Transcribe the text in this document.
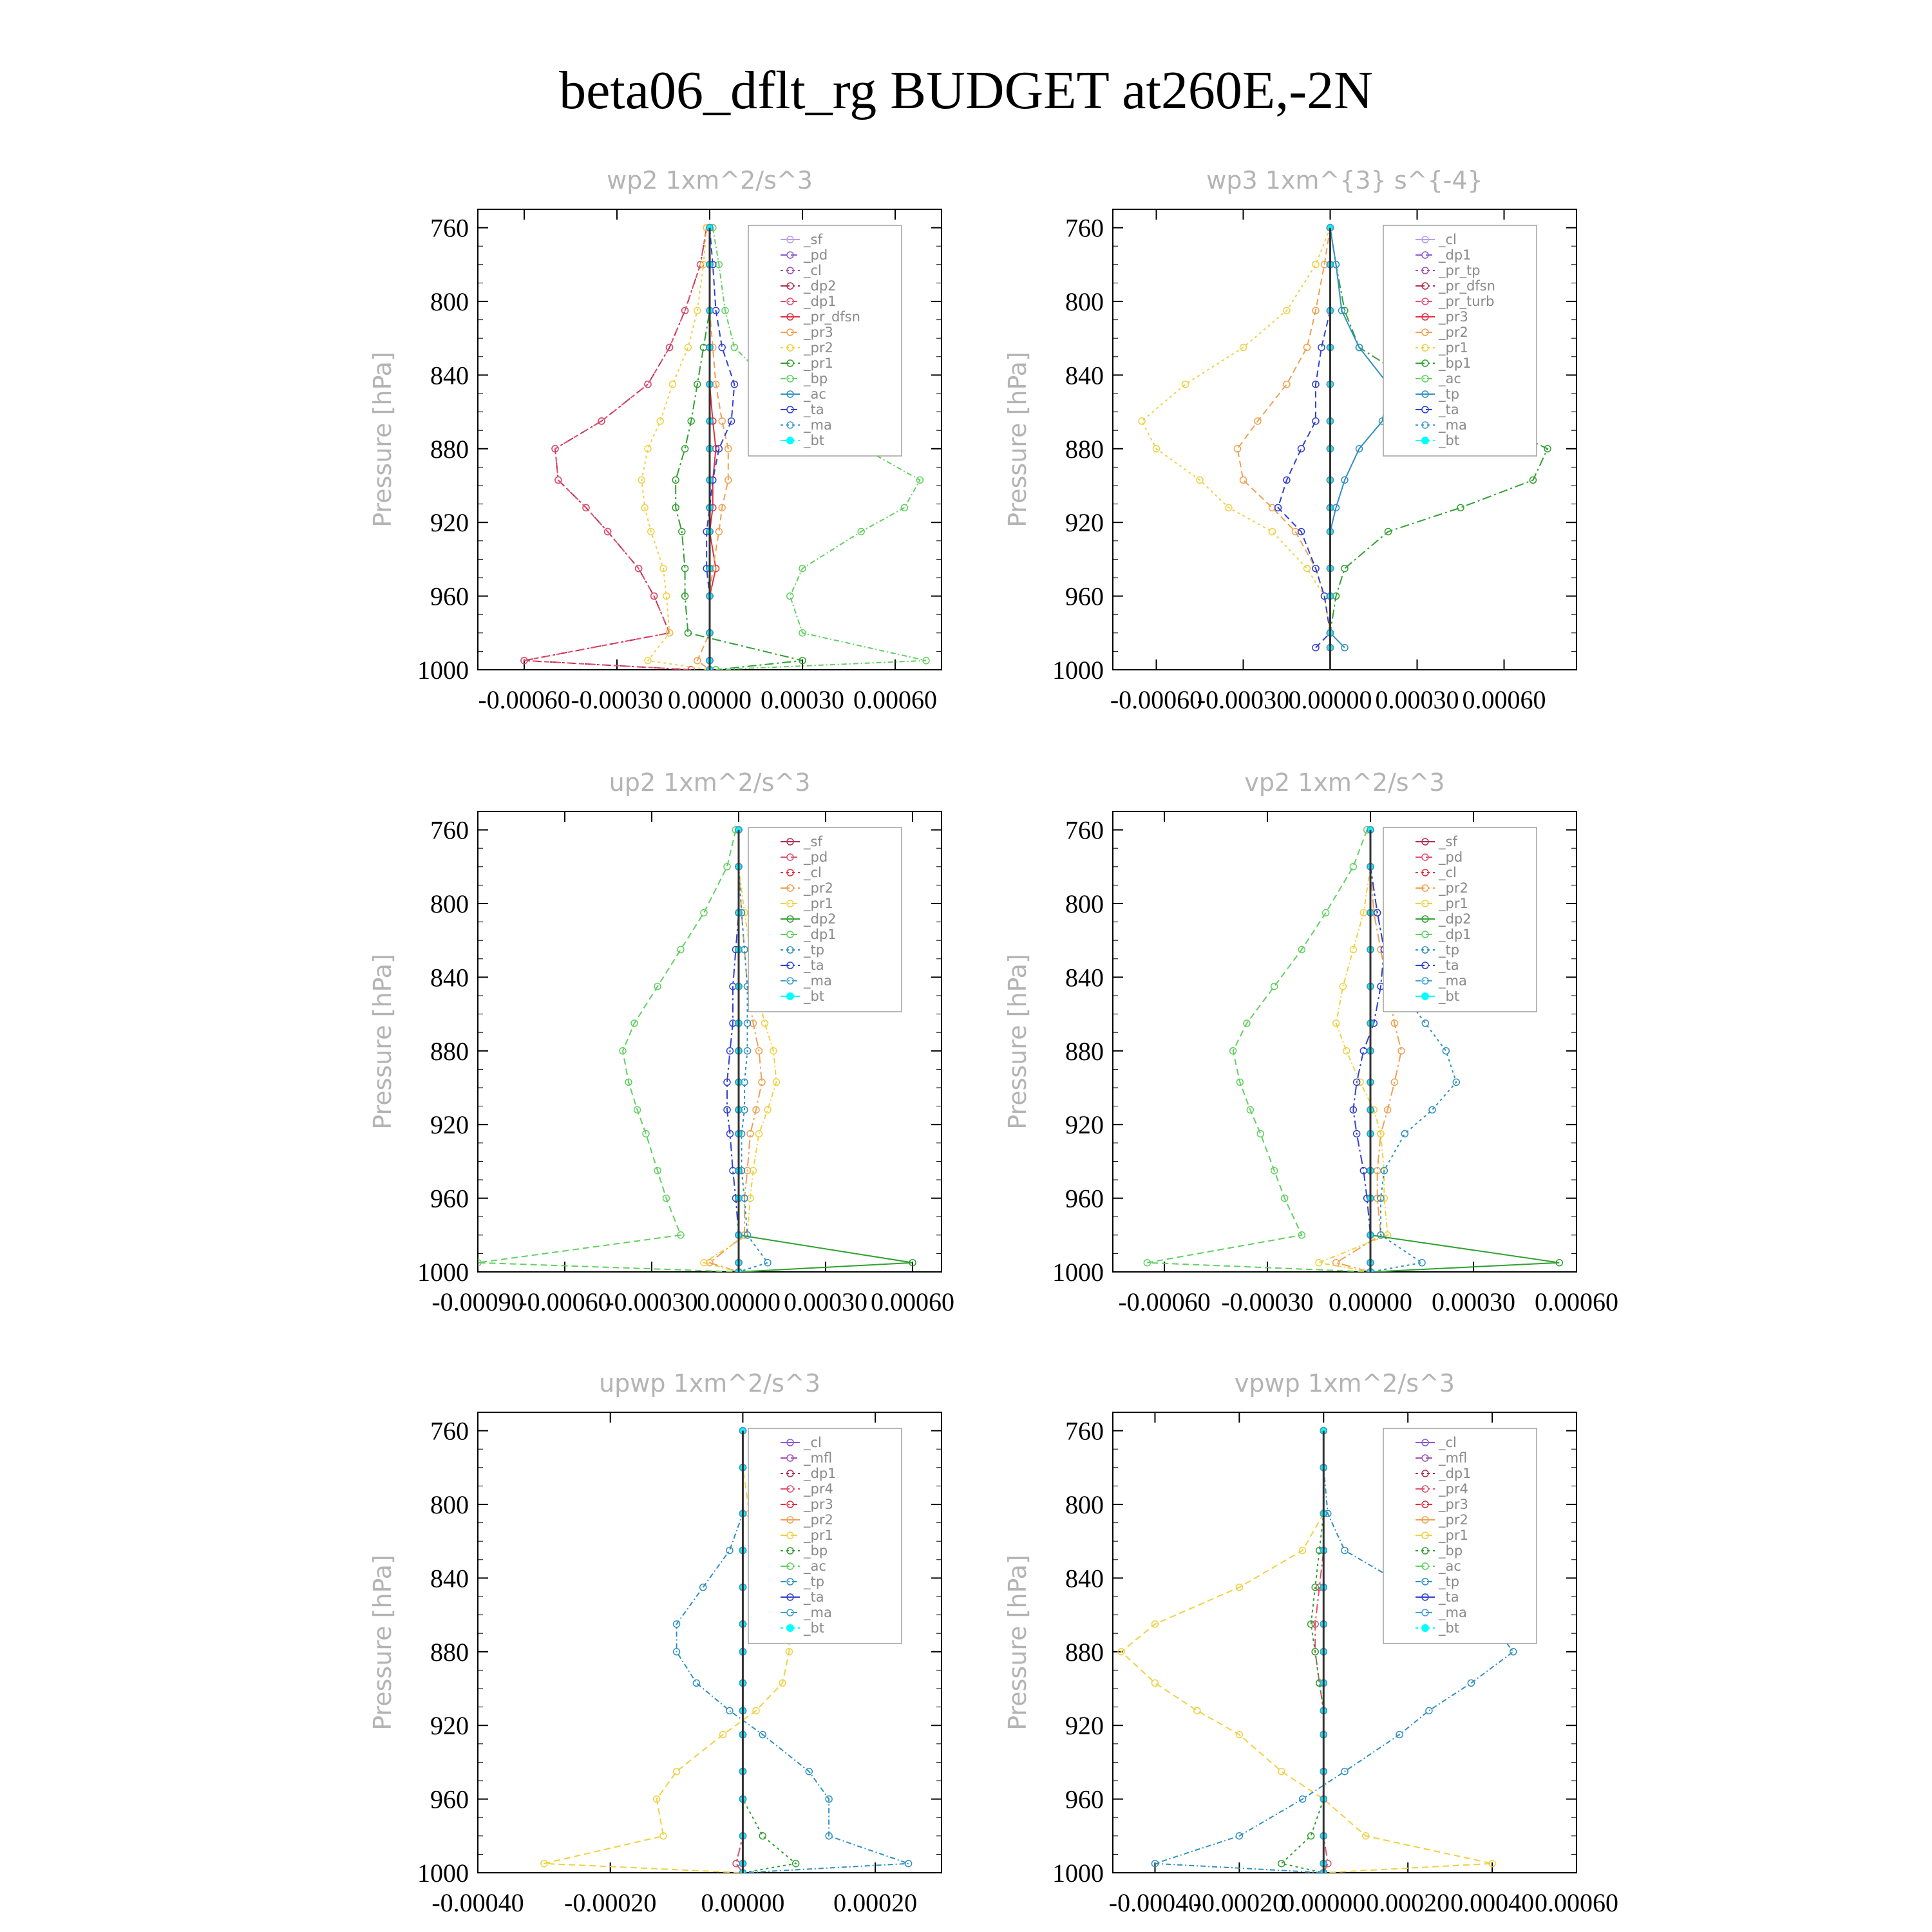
beta06_dflt_rg BUDGET at260E,-2N
wp2 1xm^2/s^3
Pressure [hPa]
760
800
840
880
920
960
1000
-0.00060 -0.00030 0.00000 0.00030 0.00060
_sf
_pd
_cl
_dp2
_dp1
_pr_dfsn
_pr3
_pr2
_pr1
_bp
_ac
_ta
_ma
_bt
wp3 1xm^{3} s^{-4}
Pressure [hPa]
760
800
840
880
920
960
1000
-0.00060
-0.00030
0.00000 0.00030 0.00060
_cl
_dp1
_pr_tp
_pr_dfsn
_pr_turb
_pr3
_pr2
_pr1
_bp1
_ac
_tp
_ta
_ma
_bt
up2 1xm^2/s^3
Pressure [hPa]
760
800
840
880
920
960
1000
-0.00090
-0.00060
-0.00030
0.00000 0.00030 0.00060
_sf
_pd
_cl
_pr2
_pr1
_dp2
_dp1
_tp
_ta
_ma
_bt
vp2 1xm^2/s^3
Pressure [hPa]
760
800
840
880
920
960
1000
-0.00060 -0.00030 0.00000 0.00030 0.00060
_sf
_pd
_cl
_pr2
_pr1
_dp2
_dp1
_tp
_ta
_ma
_bt
upwp 1xm^2/s^3
Pressure [hPa]
760
800
840
880
920
960
1000
-0.00040 -0.00020 0.00000 0.00020
_cl
_mfl
_dp1
_pr4
_pr3
_pr2
_pr1
_bp
_ac
_tp
_ta
_ma
_bt
vpwp 1xm^2/s^3
Pressure [hPa]
760
800
840
880
920
960
1000
-0.00040
-0.00020
0.00000 0.00020 0.00040 0.00060
_cl
_mfl
_dp1
_pr4
_pr3
_pr2
_pr1
_bp
_ac
_tp
_ta
_ma
_bt
